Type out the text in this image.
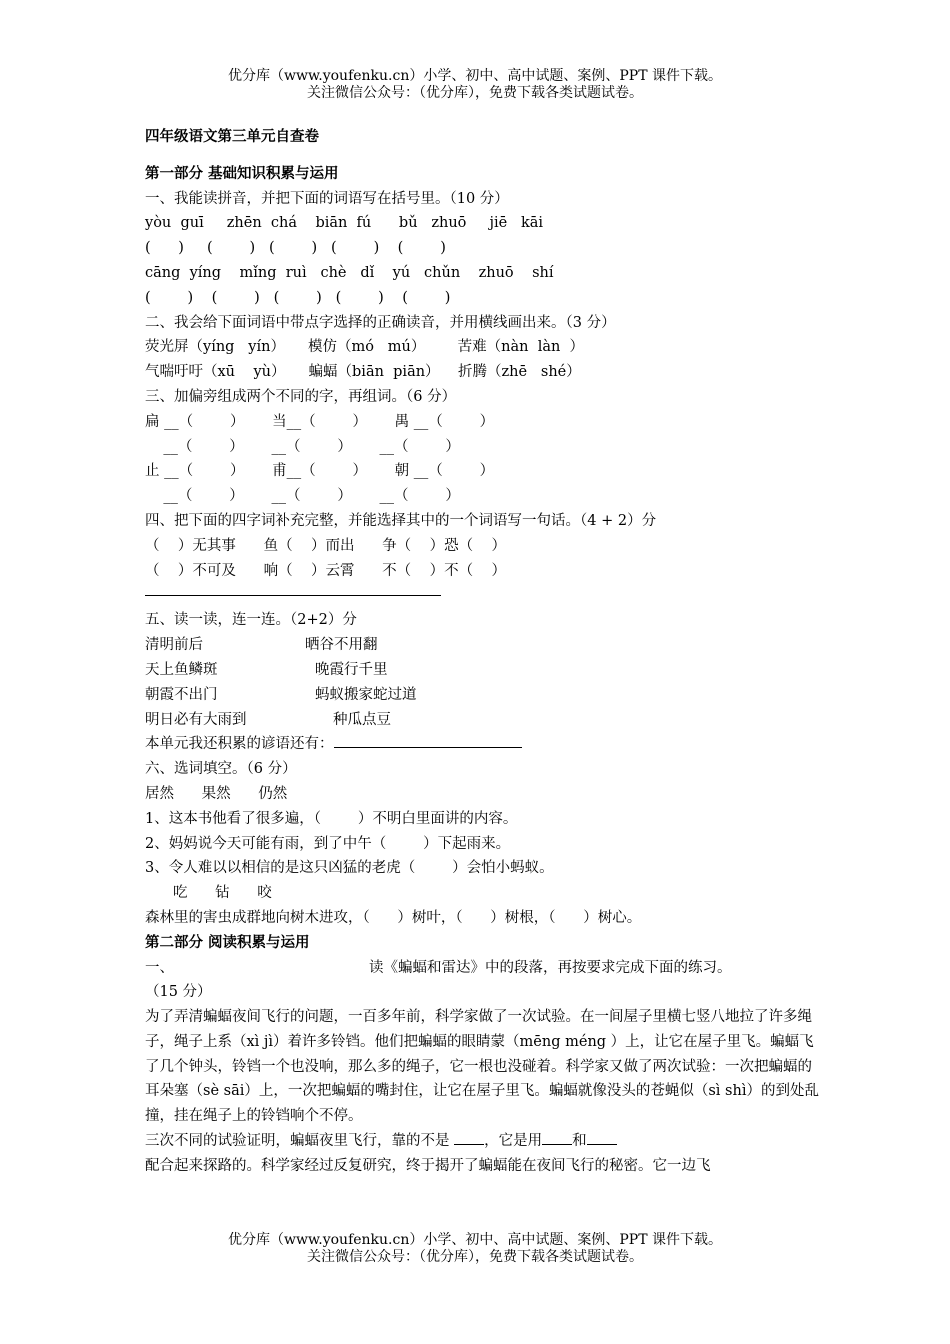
优分库（www.youfenku.cn）小学、初中、高中试题、案例、PPT 课件下载。
关注微信公众号：（优分库），免费下载各类试题试卷。
四年级语文第三单元自查卷
第一部分 基础知识积累与运用
一、我能读拼音，并把下面的词语写在括号里。（10 分）
yòu  guī     zhēn  chá    biān  fú      bǔ   zhuō     jiē   kāi
(      )     (        )   (        )   (        )    (        )
cāng  yíng    mǐng  ruì   chè   dǐ    yú   chǔn    zhuō    shí
(        )    (        )   (        )   (        )    (        )
二、我会给下面词语中带点字选择的正确读音，并用横线画出来。（3 分）
荧光屏（yíng   yín）     模仿（mó   mú）       苦难（nàn  làn  ）
气喘吁吁（xū    yù）     蝙蝠（biān  piān）    折腾（zhē   shé）
三、加偏旁组成两个不同的字，再组词。（6 分）
扁 __（        ）      当__（        ）      禺 __（        ）
__（        ）      __（        ）      __（        ）
止 __（        ）      甫__（        ）      朝 __（        ）
__（        ）      __（        ）      __（        ）
四、把下面的四字词补充完整，并能选择其中的一个词语写一句话。（4 + 2）分
（    ）无其事      鱼（    ）而出      争（    ）恐（    ）
（    ）不可及      响（    ）云霄      不（    ）不（    ）
五、读一读，连一连。（2+2）分
清明前后	晒谷不用翻
天上鱼鳞斑	晚霞行千里
朝霞不出门	蚂蚁搬家蛇过道
明日必有大雨到	种瓜点豆
本单元我还积累的谚语还有：
六、选词填空。（6 分）
居然      果然      仍然
1、这本书他看了很多遍，（        ）不明白里面讲的内容。
2、妈妈说今天可能有雨，到了中午（        ）下起雨来。
3、令人难以以相信的是这只凶猛的老虎（        ）会怕小蚂蚁。
吃      钻      咬
森林里的害虫成群地向树木进攻，（      ）树叶，（      ）树根，（      ）树心。
第二部分 阅读积累与运用
一、	读《蝙蝠和雷达》中的段落，再按要求完成下面的练习。
（15 分）
为了弄清蝙蝠夜间飞行的问题，一百多年前，科学家做了一次试验。在一间屋子里横七竖八地拉了许多绳子，绳子上系（xì jì）着许多铃铛。他们把蝙蝠的眼睛蒙（mēng méng ）上，让它在屋子里飞。蝙蝠飞了几个钟头，铃铛一个也没响，那么多的绳子，它一根也没碰着。科学家又做了两次试验：一次把蝙蝠的耳朵塞（sè sāi）上，一次把蝙蝠的嘴封住，让它在屋子里飞。蝙蝠就像没头的苍蝇似（sì shì）的到处乱撞，挂在绳子上的铃铛响个不停。
三次不同的试验证明，蝙蝠夜里飞行，靠的不是 ，它是用 和
配合起来探路的。科学家经过反复研究，终于揭开了蝙蝠能在夜间飞行的秘密。它一边飞
优分库（www.youfenku.cn）小学、初中、高中试题、案例、PPT 课件下载。
关注微信公众号：（优分库），免费下载各类试题试卷。
